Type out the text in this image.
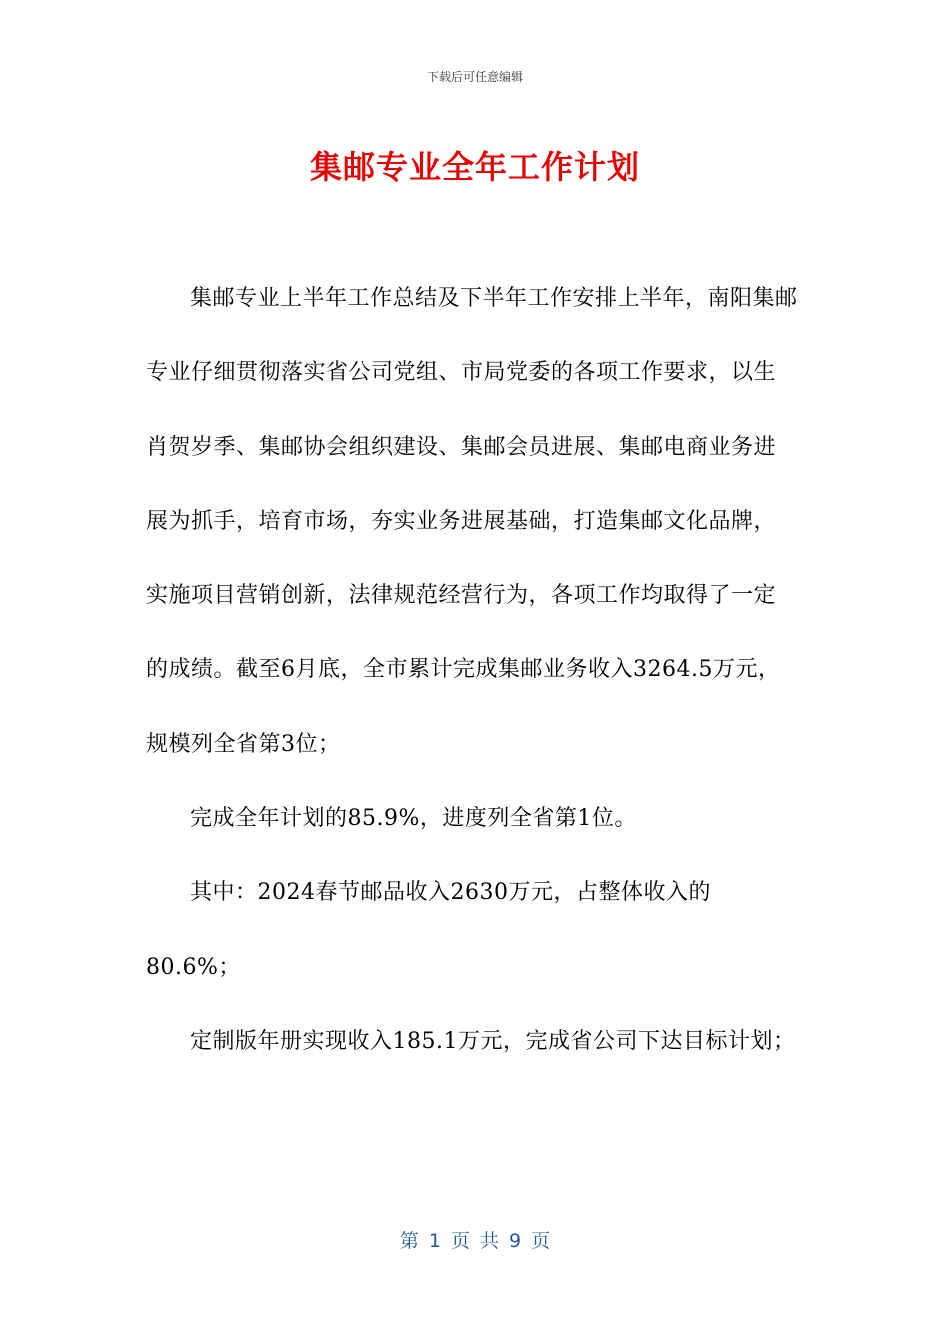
下载后可任意编辑
集邮专业全年工作计划

集邮专业上半年工作总结及下半年工作安排上半年，南阳集邮专业仔细贯彻落实省公司党组、市局党委的各项工作要求，以生肖贺岁季、集邮协会组织建设、集邮会员进展、集邮电商业务进展为抓手，培育市场，夯实业务进展基础，打造集邮文化品牌，实施项目营销创新，法律规范经营行为，各项工作均取得了一定的成绩。截至6月底，全市累计完成集邮业务收入3264.5万元，规模列全省第3位；

完成全年计划的85.9%，进度列全省第1位。

其中：2024春节邮品收入2630万元，占整体收入的80.6%；

定制版年册实现收入185.1万元，完成省公司下达目标计划；

第 1 页 共 9 页
